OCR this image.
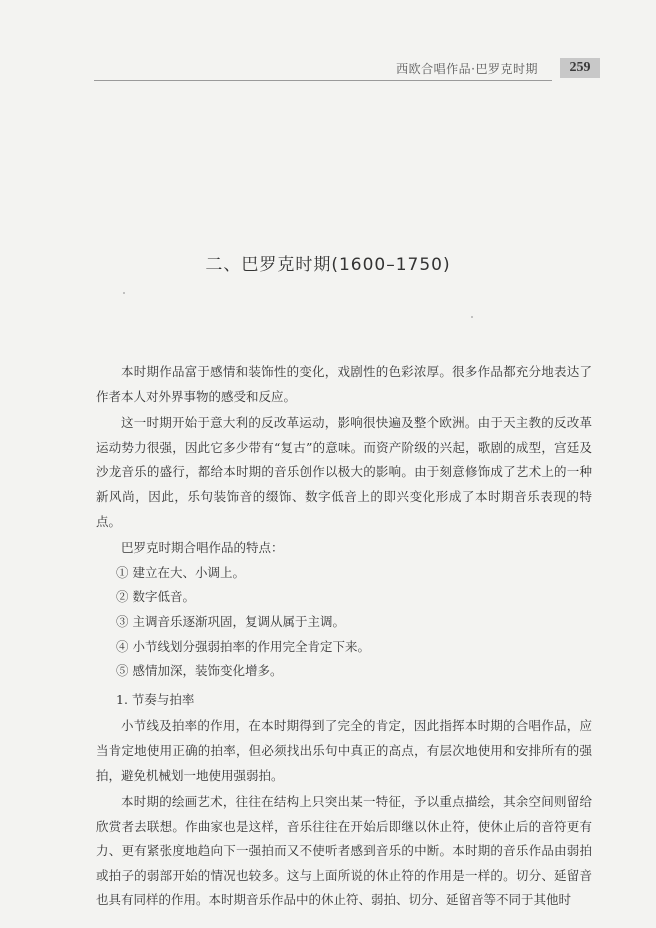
西欧合唱作品·巴罗克时期	259
二、巴罗克时期(1600–1750)

本时期作品富于感情和装饰性的变化，戏剧性的色彩浓厚。很多作品都充分地表达了作者本人对外界事物的感受和反应。

这一时期开始于意大利的反改革运动，影响很快遍及整个欧洲。由于天主教的反改革运动势力很强，因此它多少带有“复古”的意味。而资产阶级的兴起，歌剧的成型，宫廷及沙龙音乐的盛行，都给本时期的音乐创作以极大的影响。由于刻意修饰成了艺术上的一种新风尚，因此，乐句装饰音的缀饰、数字低音上的即兴变化形成了本时期音乐表现的特点。

巴罗克时期合唱作品的特点：

① 建立在大、小调上。

② 数字低音。

③ 主调音乐逐渐巩固，复调从属于主调。

④ 小节线划分强弱拍率的作用完全肯定下来。

⑤ 感情加深，装饰变化增多。

1. 节奏与拍率

小节线及拍率的作用，在本时期得到了完全的肯定，因此指挥本时期的合唱作品，应当肯定地使用正确的拍率，但必须找出乐句中真正的高点，有层次地使用和安排所有的强拍，避免机械划一地使用强弱拍。

本时期的绘画艺术，往往在结构上只突出某一特征，予以重点描绘，其余空间则留给欣赏者去联想。作曲家也是这样，音乐往往在开始后即继以休止符，使休止后的音符更有力、更有紧张度地趋向下一强拍而又不使听者感到音乐的中断。本时期的音乐作品由弱拍或拍子的弱部开始的情况也较多。这与上面所说的休止符的作用是一样的。切分、延留音也具有同样的作用。本时期音乐作品中的休止符、弱拍、切分、延留音等不同于其他时
